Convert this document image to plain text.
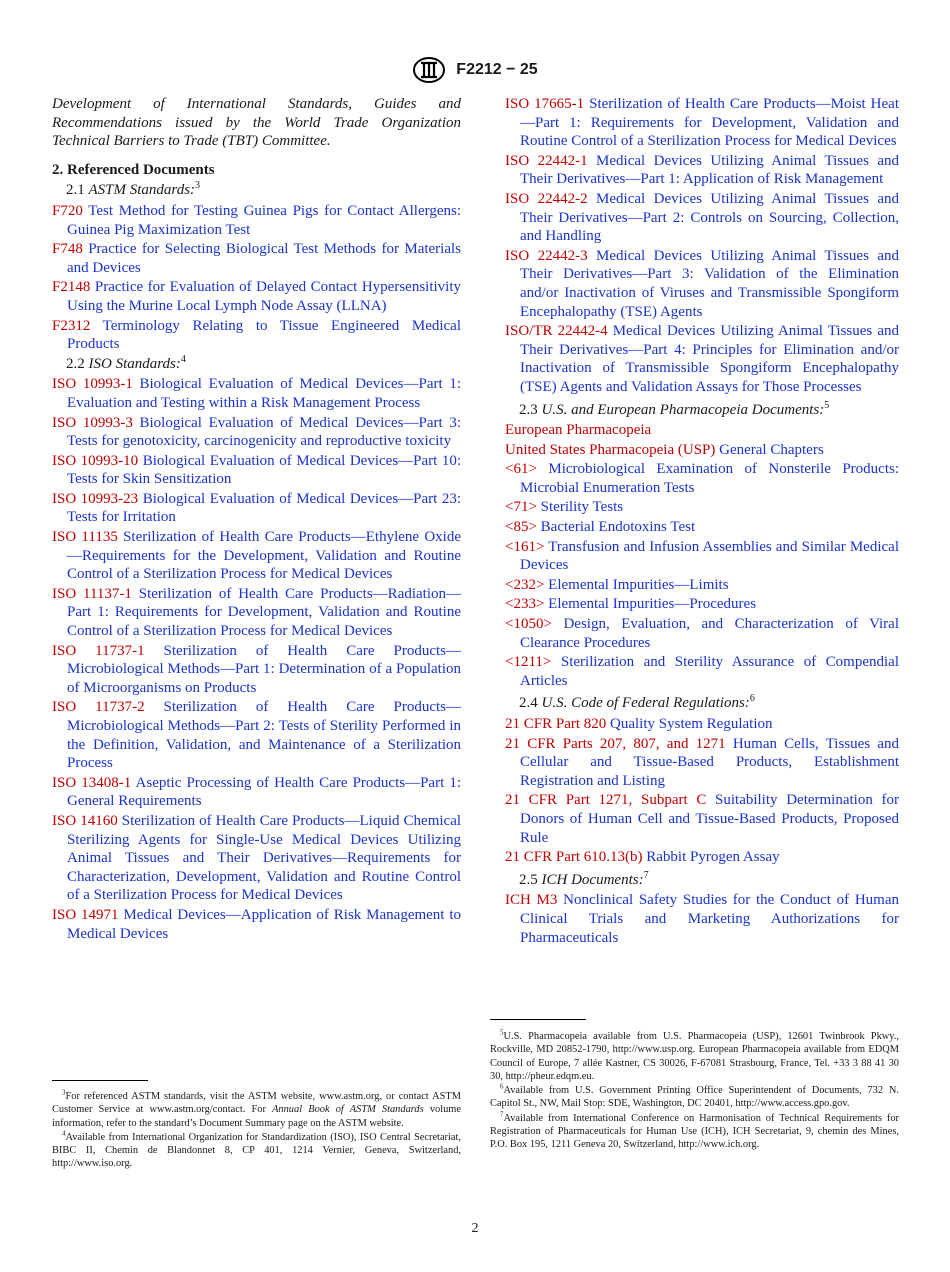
F2212 − 25

Development of International Standards, Guides and Recommendations issued by the World Trade Organization Technical Barriers to Trade (TBT) Committee.

2. Referenced Documents
2.1 ASTM Standards:$^3$
F720 Test Method for Testing Guinea Pigs for Contact Allergens: Guinea Pig Maximization Test
F748 Practice for Selecting Biological Test Methods for Materials and Devices
F2148 Practice for Evaluation of Delayed Contact Hypersensitivity Using the Murine Local Lymph Node Assay (LLNA)
F2312 Terminology Relating to Tissue Engineered Medical Products
2.2 ISO Standards:$^4$
ISO 10993-1 Biological Evaluation of Medical Devices—Part 1: Evaluation and Testing within a Risk Management Process
ISO 10993-3 Biological Evaluation of Medical Devices—Part 3: Tests for genotoxicity, carcinogenicity and reproductive toxicity
ISO 10993-10 Biological Evaluation of Medical Devices—Part 10: Tests for Skin Sensitization
ISO 10993-23 Biological Evaluation of Medical Devices—Part 23: Tests for Irritation
ISO 11135 Sterilization of Health Care Products—Ethylene Oxide—Requirements for the Development, Validation and Routine Control of a Sterilization Process for Medical Devices
ISO 11137-1 Sterilization of Health Care Products—Radiation—Part 1: Requirements for Development, Validation and Routine Control of a Sterilization Process for Medical Devices
ISO 11737-1 Sterilization of Health Care Products—Microbiological Methods—Part 1: Determination of a Population of Microorganisms on Products
ISO 11737-2 Sterilization of Health Care Products—Microbiological Methods—Part 2: Tests of Sterility Performed in the Definition, Validation, and Maintenance of a Sterilization Process
ISO 13408-1 Aseptic Processing of Health Care Products—Part 1: General Requirements
ISO 14160 Sterilization of Health Care Products—Liquid Chemical Sterilizing Agents for Single-Use Medical Devices Utilizing Animal Tissues and Their Derivatives—Requirements for Characterization, Development, Validation and Routine Control of a Sterilization Process for Medical Devices
ISO 14971 Medical Devices—Application of Risk Management to Medical Devices
ISO 17665-1 Sterilization of Health Care Products—Moist Heat—Part 1: Requirements for Development, Validation and Routine Control of a Sterilization Process for Medical Devices
ISO 22442-1 Medical Devices Utilizing Animal Tissues and Their Derivatives—Part 1: Application of Risk Management
ISO 22442-2 Medical Devices Utilizing Animal Tissues and Their Derivatives—Part 2: Controls on Sourcing, Collection, and Handling
ISO 22442-3 Medical Devices Utilizing Animal Tissues and Their Derivatives—Part 3: Validation of the Elimination and/or Inactivation of Viruses and Transmissible Spongiform Encephalopathy (TSE) Agents
ISO/TR 22442-4 Medical Devices Utilizing Animal Tissues and Their Derivatives—Part 4: Principles for Elimination and/or Inactivation of Transmissible Spongiform Encephalopathy (TSE) Agents and Validation Assays for Those Processes
2.3 U.S. and European Pharmacopeia Documents:$^5$
European Pharmacopeia
United States Pharmacopeia (USP) General Chapters
<61> Microbiological Examination of Nonsterile Products: Microbial Enumeration Tests
<71> Sterility Tests
<85> Bacterial Endotoxins Test
<161> Transfusion and Infusion Assemblies and Similar Medical Devices
<232> Elemental Impurities—Limits
<233> Elemental Impurities—Procedures
<1050> Design, Evaluation, and Characterization of Viral Clearance Procedures
<1211> Sterilization and Sterility Assurance of Compendial Articles
2.4 U.S. Code of Federal Regulations:$^6$
21 CFR Part 820 Quality System Regulation
21 CFR Parts 207, 807, and 1271 Human Cells, Tissues and Cellular and Tissue-Based Products, Establishment Registration and Listing
21 CFR Part 1271, Subpart C Suitability Determination for Donors of Human Cell and Tissue-Based Products, Proposed Rule
21 CFR Part 610.13(b) Rabbit Pyrogen Assay
2.5 ICH Documents:$^7$
ICH M3 Nonclinical Safety Studies for the Conduct of Human Clinical Trials and Marketing Authorizations for Pharmaceuticals

$^3$For referenced ASTM standards, visit the ASTM website, www.astm.org, or contact ASTM Customer Service at www.astm.org/contact. For Annual Book of ASTM Standards volume information, refer to the standard’s Document Summary page on the ASTM website.

$^4$Available from International Organization for Standardization (ISO), ISO Central Secretariat, BIBC II, Chemin de Blandonnet 8, CP 401, 1214 Vernier, Geneva, Switzerland, http://www.iso.org.

$^5$U.S. Pharmacopeia available from U.S. Pharmacopeia (USP), 12601 Twinbrook Pkwy., Rockville, MD 20852-1790, http://www.usp.org. European Pharmacopeia available from EDQM Council of Europe, 7 allée Kastner, CS 30026, F-67081 Strasbourg, France, Tel. +33 3 88 41 30 30, http://pheur.edqm.eu.

$^6$Available from U.S. Government Printing Office Superintendent of Documents, 732 N. Capitol St., NW, Mail Stop: SDE, Washington, DC 20401, http://www.access.gpo.gov.

$^7$Available from International Conference on Harmonisation of Technical Requirements for Registration of Pharmaceuticals for Human Use (ICH), ICH Secretariat, 9, chemin des Mines, P.O. Box 195, 1211 Geneva 20, Switzerland, http://www.ich.org.

2
